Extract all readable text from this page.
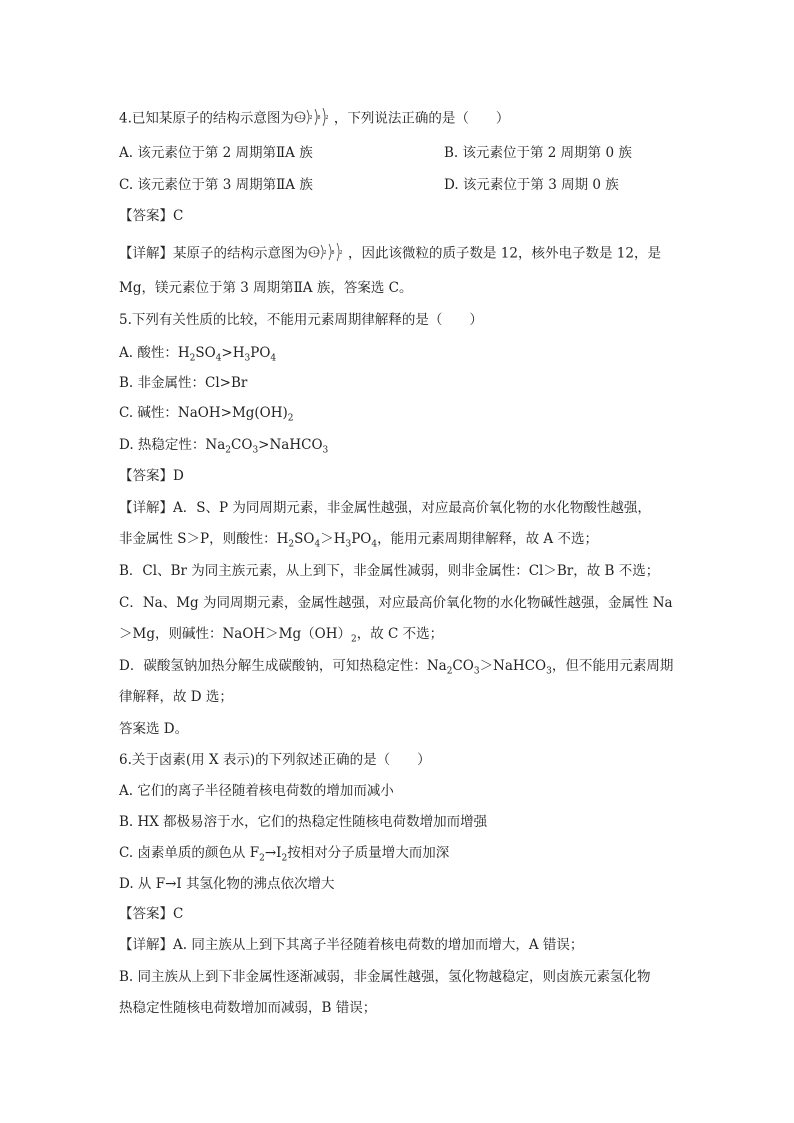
4.已知某原子的结构示意图为 +12 2 8 2 ，下列说法正确的是（　　）
A. 该元素位于第 2 周期第ⅡA 族	B. 该元素位于第 2 周期第 0 族
C. 该元素位于第 3 周期第ⅡA 族	D. 该元素位于第 3 周期 0 族
【答案】C
【详解】某原子的结构示意图为 +12 2 8 2 ，因此该微粒的质子数是 12，核外电子数是 12，是
Mg，镁元素位于第 3 周期第ⅡA 族，答案选 C。
5.下列有关性质的比较，不能用元素周期律解释的是（　　）
A. 酸性：$H_2SO_4>H_3PO_4$
B. 非金属性：Cl>Br
C. 碱性：$NaOH>Mg(OH)_2$
D. 热稳定性：$Na_2CO_3>NaHCO_3$
【答案】D
【详解】A．S、P 为同周期元素，非金属性越强，对应最高价氧化物的水化物酸性越强，
非金属性 S＞P，则酸性：$H_2SO_4>H_3PO_4$，能用元素周期律解释，故 A 不选；
B．Cl、Br 为同主族元素，从上到下，非金属性减弱，则非金属性：Cl＞Br，故 B 不选；
C．Na、Mg 为同周期元素，金属性越强，对应最高价氧化物的水化物碱性越强，金属性 Na
＞Mg，则碱性：$NaOH>Mg(OH)_2$，故 C 不选；
D．碳酸氢钠加热分解生成碳酸钠，可知热稳定性：$Na_2CO_3>NaHCO_3$，但不能用元素周期
律解释，故 D 选；
答案选 D。
6.关于卤素(用 X 表示)的下列叙述正确的是（　　）
A. 它们的离子半径随着核电荷数的增加而减小
B. HX 都极易溶于水，它们的热稳定性随核电荷数增加而增强
C. 卤素单质的颜色从 $F_2\to I_2$按相对分子质量增大而加深
D. 从 F→I 其氢化物的沸点依次增大
【答案】C
【详解】A. 同主族从上到下其离子半径随着核电荷数的增加而增大，A 错误；
B. 同主族从上到下非金属性逐渐减弱，非金属性越强，氢化物越稳定，则卤族元素氢化物
热稳定性随核电荷数增加而减弱，B 错误；
